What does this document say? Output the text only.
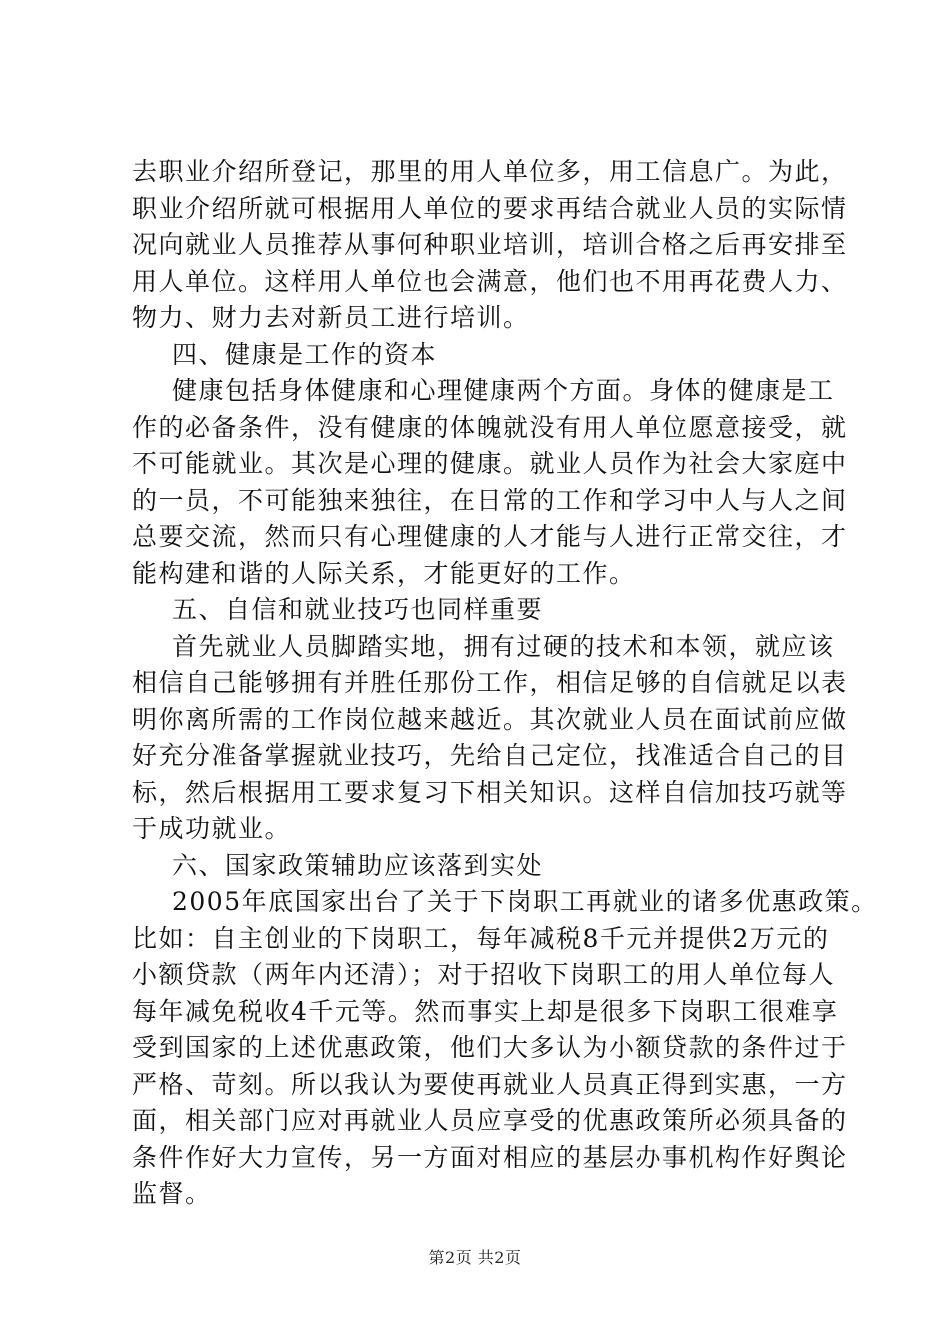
去职业介绍所登记，那里的用人单位多，用工信息广。为此，
职业介绍所就可根据用人单位的要求再结合就业人员的实际情
况向就业人员推荐从事何种职业培训，培训合格之后再安排至
用人单位。这样用人单位也会满意，他们也不用再花费人力、
物力、财力去对新员工进行培训。
四、健康是工作的资本
健康包括身体健康和心理健康两个方面。身体的健康是工
作的必备条件，没有健康的体魄就没有用人单位愿意接受，就
不可能就业。其次是心理的健康。就业人员作为社会大家庭中
的一员，不可能独来独往，在日常的工作和学习中人与人之间
总要交流，然而只有心理健康的人才能与人进行正常交往，才
能构建和谐的人际关系，才能更好的工作。
五、自信和就业技巧也同样重要
首先就业人员脚踏实地，拥有过硬的技术和本领，就应该
相信自己能够拥有并胜任那份工作，相信足够的自信就足以表
明你离所需的工作岗位越来越近。其次就业人员在面试前应做
好充分准备掌握就业技巧，先给自己定位，找准适合自己的目
标，然后根据用工要求复习下相关知识。这样自信加技巧就等
于成功就业。
六、国家政策辅助应该落到实处
2005年底国家出台了关于下岗职工再就业的诸多优惠政策。
比如：自主创业的下岗职工，每年减税8千元并提供2万元的
小额贷款（两年内还清）；对于招收下岗职工的用人单位每人
每年减免税收4千元等。然而事实上却是很多下岗职工很难享
受到国家的上述优惠政策，他们大多认为小额贷款的条件过于
严格、苛刻。所以我认为要使再就业人员真正得到实惠，一方
面，相关部门应对再就业人员应享受的优惠政策所必须具备的
条件作好大力宣传，另一方面对相应的基层办事机构作好舆论
监督。
第2页 共2页
